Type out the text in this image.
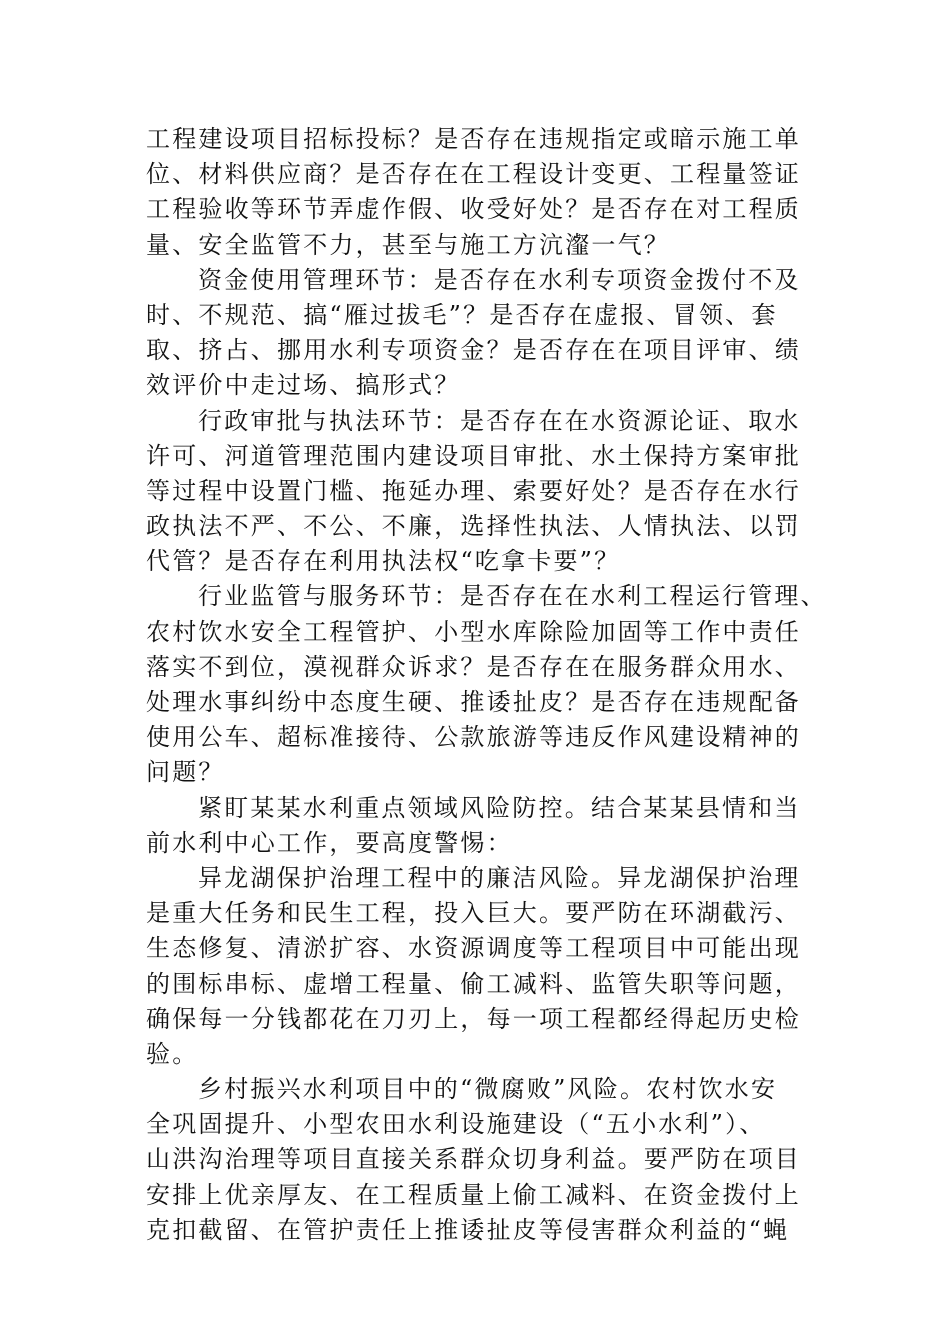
工程建设项目招标投标？是否存在违规指定或暗示施工单
位、材料供应商？是否存在在工程设计变更、工程量签证
工程验收等环节弄虚作假、收受好处？是否存在对工程质
量、安全监管不力，甚至与施工方沆瀣一气？
资金使用管理环节：是否存在水利专项资金拨付不及
时、不规范、搞“雁过拔毛”？是否存在虚报、冒领、套
取、挤占、挪用水利专项资金？是否存在在项目评审、绩
效评价中走过场、搞形式？
行政审批与执法环节：是否存在在水资源论证、取水
许可、河道管理范围内建设项目审批、水土保持方案审批
等过程中设置门槛、拖延办理、索要好处？是否存在水行
政执法不严、不公、不廉，选择性执法、人情执法、以罚
代管？是否存在利用执法权“吃拿卡要”？
行业监管与服务环节：是否存在在水利工程运行管理、
农村饮水安全工程管护、小型水库除险加固等工作中责任
落实不到位，漠视群众诉求？是否存在在服务群众用水、
处理水事纠纷中态度生硬、推诿扯皮？是否存在违规配备
使用公车、超标准接待、公款旅游等违反作风建设精神的
问题？
紧盯某某水利重点领域风险防控。结合某某县情和当
前水利中心工作，要高度警惕：
异龙湖保护治理工程中的廉洁风险。异龙湖保护治理
是重大任务和民生工程，投入巨大。要严防在环湖截污、
生态修复、清淤扩容、水资源调度等工程项目中可能出现
的围标串标、虚增工程量、偷工减料、监管失职等问题，
确保每一分钱都花在刀刃上，每一项工程都经得起历史检
验。
乡村振兴水利项目中的“微腐败”风险。农村饮水安
全巩固提升、小型农田水利设施建设（“五小水利”）、
山洪沟治理等项目直接关系群众切身利益。要严防在项目
安排上优亲厚友、在工程质量上偷工减料、在资金拨付上
克扣截留、在管护责任上推诿扯皮等侵害群众利益的“蝇
